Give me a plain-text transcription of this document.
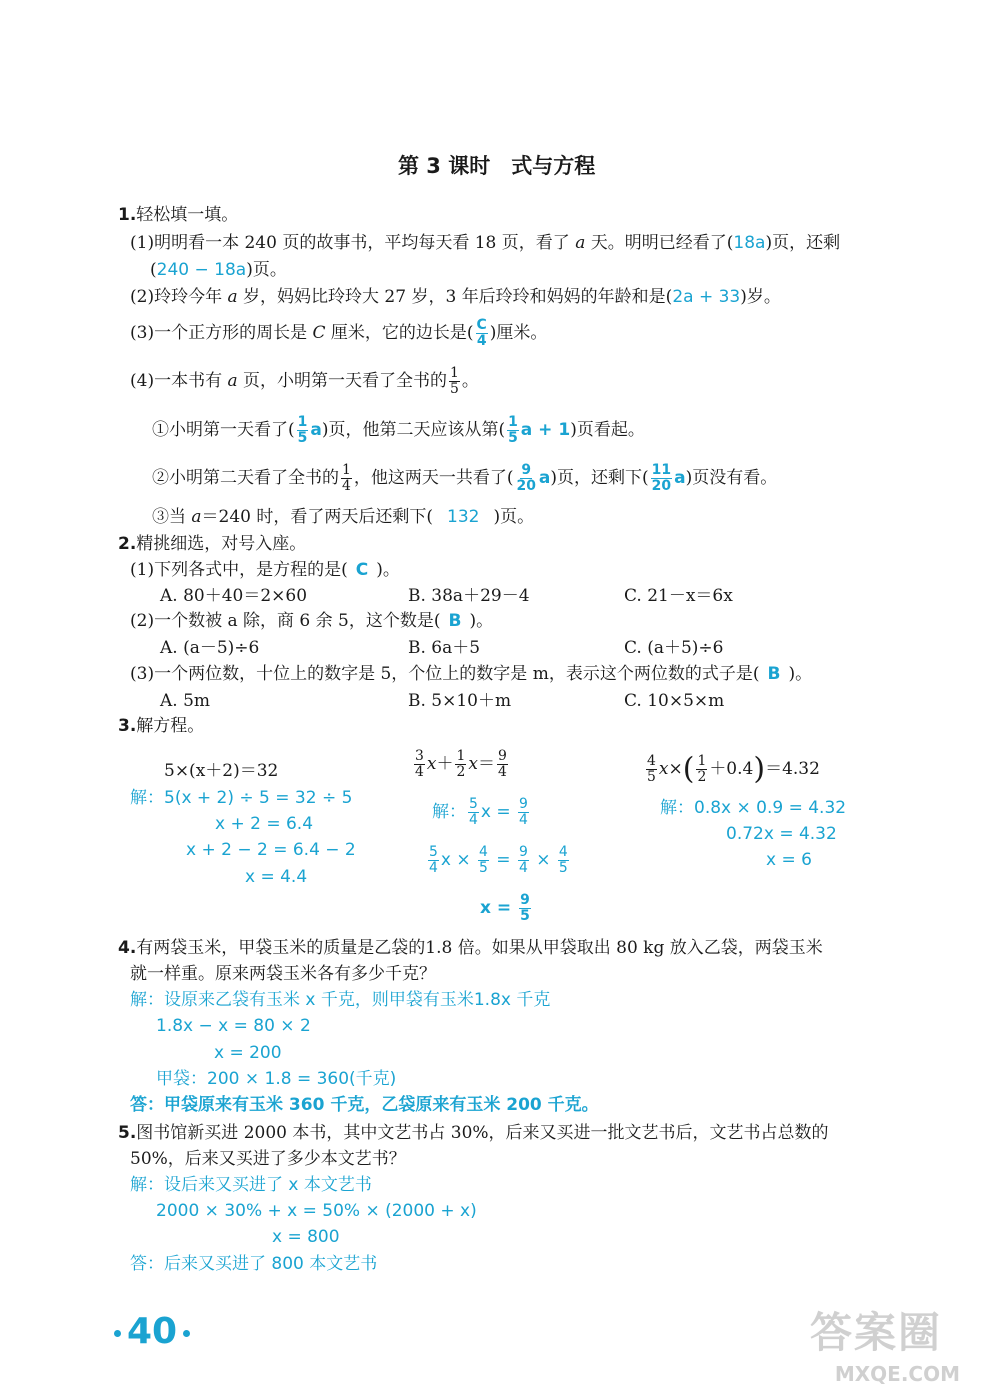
第 3 课时　式与方程
1.轻松填一填。
(1)明明看一本 240 页的故事书，平均每天看 18 页，看了 a 天。明明已经看了(18a)页，还剩
(240 − 18a)页。
(2)玲玲今年 a 岁，妈妈比玲玲大 27 岁，3 年后玲玲和妈妈的年龄和是(2a + 33)岁。
(3)一个正方形的周长是 C 厘米，它的边长是( $\frac{C}{4}$ )厘米。
(4)一本书有 a 页，小明第一天看了全书的 $\frac{1}{5}$ 。
①小明第一天看了( $\frac{1}{5} a$)页，他第二天应该从第( $\frac{1}{5}$ a + 1)页看起。
②小明第二天看了全书的 $\frac{1}{4}$ ，他这两天一共看了( $\frac{9}{20} a$)页，还剩下( $\frac{11}{20} a$)页没有看。
③当 a＝240 时，看了两天后还剩下( 132 )页。
2.精挑细选，对号入座。
(1)下列各式中，是方程的是( C )。
A. 80＋40＝2×60	B. 38a＋29－4	C. 21－x＝6x
(2)一个数被 a 除，商 6 余 5，这个数是( B )。
A. (a－5)÷6	B. 6a＋5	C. (a＋5)÷6
(3)一个两位数，十位上的数字是 5，个位上的数字是 m，表示这个两位数的式子是( B )。
A. 5m	B. 5×10＋m	C. 10×5×m
3.解方程。
5×(x＋2)＝32
解：5(x + 2) ÷ 5 = 32 ÷ 5
x + 2 = 6.4
x + 2 − 2 = 6.4 − 2
x = 4.4
$\frac{3}{4} x+ \frac{1}{2} x= \frac{9}{4}$
解： $\frac{5}{4}$ $x = \frac{9}{4}$
$\frac{5}{4}$ $x \times \frac{4}{5} = \frac{9}{4} \times \frac{4}{5}$
$x = \frac{9}{5}$
$\frac{4}{5} x\times( \frac{1}{2} +0.4)=4.32$
解：0.8x × 0.9 = 4.32
0.72x = 4.32
x = 6
4.有两袋玉米，甲袋玉米的质量是乙袋的1.8 倍。如果从甲袋取出 80 kg 放入乙袋，两袋玉米
就一样重。原来两袋玉米各有多少千克？
解：设原来乙袋有玉米 x 千克，则甲袋有玉米1.8x 千克
1.8x − x = 80 × 2
x = 200
甲袋：200 × 1.8 = 360(千克)
答：甲袋原来有玉米 360 千克，乙袋原来有玉米 200 千克。
5.图书馆新买进 2000 本书，其中文艺书占 30%，后来又买进一批文艺书后，文艺书占总数的
50%，后来又买进了多少本文艺书？
解：设后来又买进了 x 本文艺书
2000 × 30% + x = 50% × (2000 + x)
x = 800
答：后来又买进了 800 本文艺书
40	答案圈
MXQE.COM
